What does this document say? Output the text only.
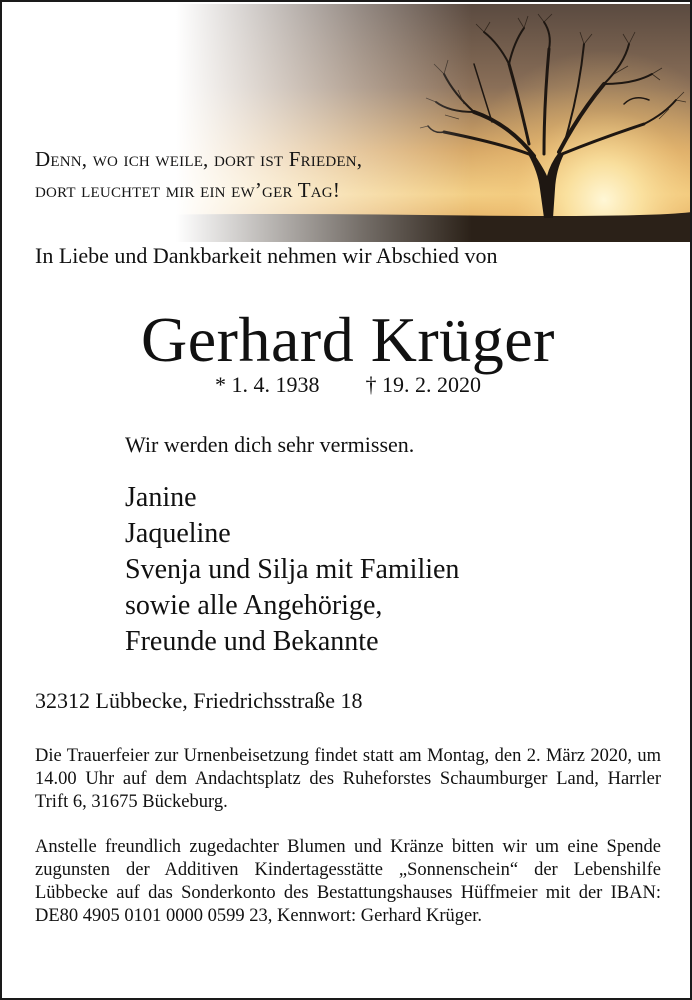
Denn, wo ich weile, dort ist Frieden,
dort leuchtet mir ein ew’ger Tag!
In Liebe und Dankbarkeit nehmen wir Abschied von
Gerhard Krüger
* 1. 4. 1938 † 19. 2. 2020
Wir werden dich sehr vermissen.
Janine
Jaqueline
Svenja und Silja mit Familien
sowie alle Angehörige,
Freunde und Bekannte
32312 Lübbecke, Friedrichsstraße 18

Die Trauerfeier zur Urnenbeisetzung findet statt am Montag, den 2. März 2020, um 14.00 Uhr auf dem Andachtsplatz des Ruheforstes Schaumburger Land, Harrler Trift 6, 31675 Bückeburg.

Anstelle freundlich zugedachter Blumen und Kränze bitten wir um eine Spende zugunsten der Additiven Kindertagesstätte „Sonnenschein“ der Lebenshilfe Lübbecke auf das Sonderkonto des Bestattungshauses Hüffmeier mit der IBAN: DE80 4905 0101 0000 0599 23, Kennwort: Gerhard Krüger.
